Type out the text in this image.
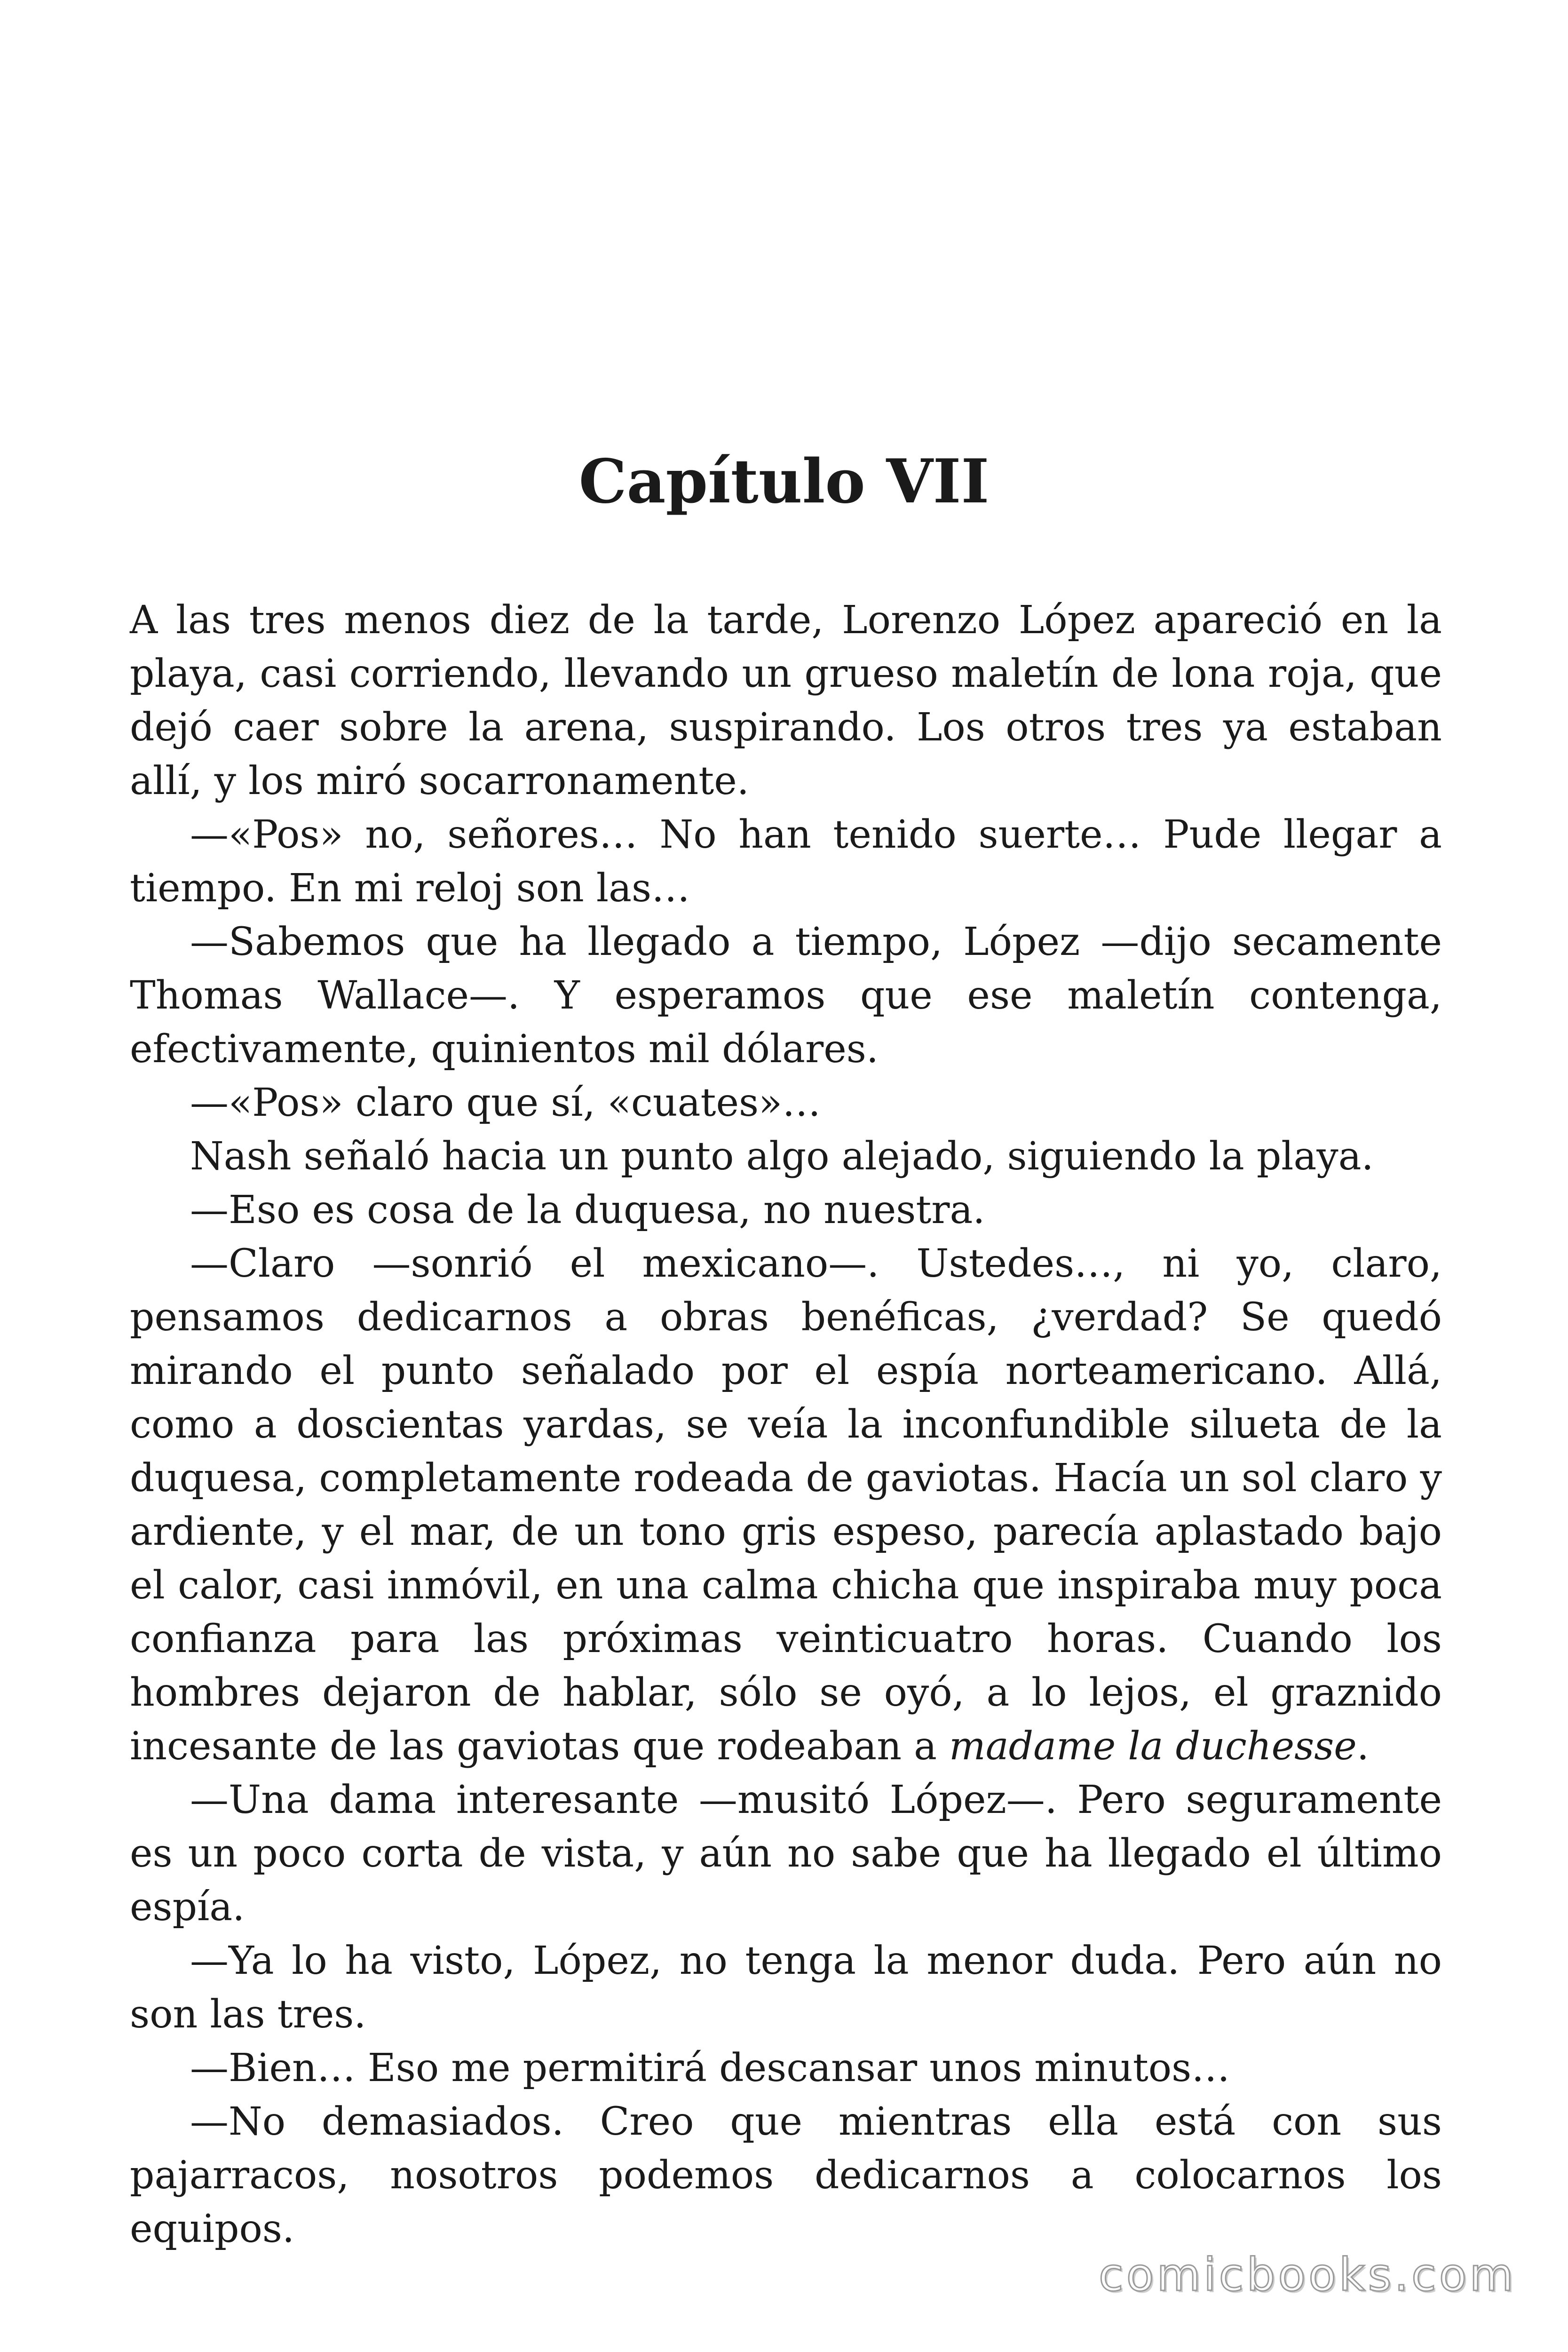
Capítulo VII

A las tres menos diez de la tarde, Lorenzo López apareció en la playa, casi corriendo, llevando un grueso maletín de lona roja, que dejó caer sobre la arena, suspirando. Los otros tres ya estaban allí, y los miró socarronamente.

—«Pos» no, señores… No han tenido suerte… Pude llegar a tiempo. En mi reloj son las…

—Sabemos que ha llegado a tiempo, López —dijo secamente Thomas Wallace—. Y esperamos que ese maletín contenga, efectivamente, quinientos mil dólares.

—«Pos» claro que sí, «cuates»…

Nash señaló hacia un punto algo alejado, siguiendo la playa.

—Eso es cosa de la duquesa, no nuestra.

—Claro —sonrió el mexicano—. Ustedes…, ni yo, claro, pensamos dedicarnos a obras benéficas, ¿verdad? Se quedó mirando el punto señalado por el espía norteamericano. Allá, como a doscientas yardas, se veía la inconfundible silueta de la duquesa, completamente rodeada de gaviotas. Hacía un sol claro y ardiente, y el mar, de un tono gris espeso, parecía aplastado bajo el calor, casi inmóvil, en una calma chicha que inspiraba muy poca confianza para las próximas veinticuatro horas. Cuando los hombres dejaron de hablar, sólo se oyó, a lo lejos, el graznido incesante de las gaviotas que rodeaban a madame la duchesse.

—Una dama interesante —musitó López—. Pero seguramente es un poco corta de vista, y aún no sabe que ha llegado el último espía.

—Ya lo ha visto, López, no tenga la menor duda. Pero aún no son las tres.

—Bien… Eso me permitirá descansar unos minutos…

—No demasiados. Creo que mientras ella está con sus pajarracos, nosotros podemos dedicarnos a colocarnos los equipos.

comicbooks.com
